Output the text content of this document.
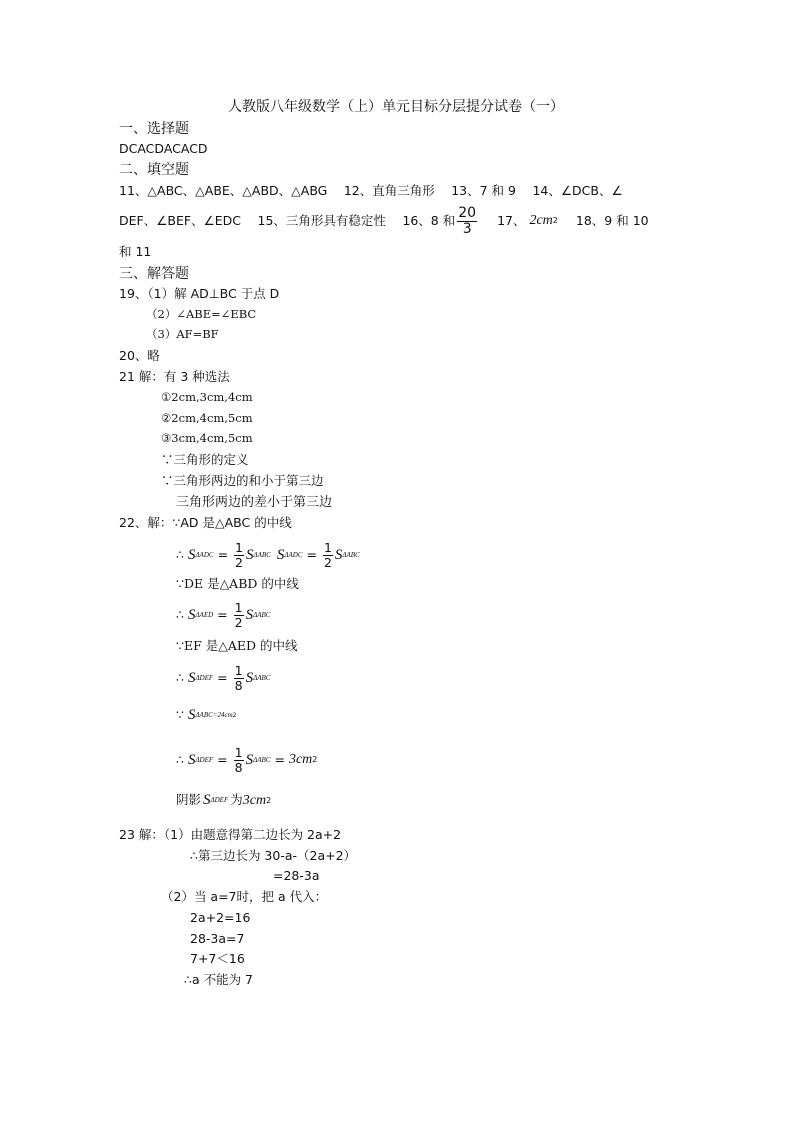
人教版八年级数学（上）单元目标分层提分试卷（一）
一、选择题
DCACDACACD
二、填空题
11、△ABC、△ABE、△ABD、△ABG　 12、直角三角形　 13、7 和 9　 14、∠DCB、∠
DEF、∠BEF、∠EDC　 15、三角形具有稳定性　 16、8 和 $\frac{20}{3} 17$、 2cm 2 18、9 和 10
和 11
三、解答题
19、（1）解 AD⊥BC 于点 D
（2）∠ABE=∠EBC
（3）AF=BF
20、略
21 解：有 3 种选法
①2cm,3cm,4cm
②2cm,4cm,5cm
③3cm,4cm,5cm
∵三角形的定义
∵三角形两边的和小于第三边
三角形两边的差小于第三边
22、解：∵AD 是△ABC 的中线
∴ S $\Delta ADC = \frac{1}{2}$ S ΔABC S $\Delta ADC = \frac{1}{2}$ S ΔABC
∵DE 是△ABD 的中线
∴ S $\Delta AED = \frac{1}{2}$ S ΔABC
∵EF 是△AED 的中线
∴ S $\Delta DEF = \frac{1}{8}$ S ΔABC
∵ S ΔABC=24cm 2
∴ S $\Delta DEF = \frac{1}{8}$ S ΔABC = 3cm 2
阴影 S ΔDEF 为 3cm 2
23 解：（1）由题意得第二边长为 2a+2
∴第三边长为 30-a-（2a+2）
=28-3a
（2）当 a=7时，把 a 代入：
2a+2=16
28-3a=7
7+7＜16
∴a 不能为 7
